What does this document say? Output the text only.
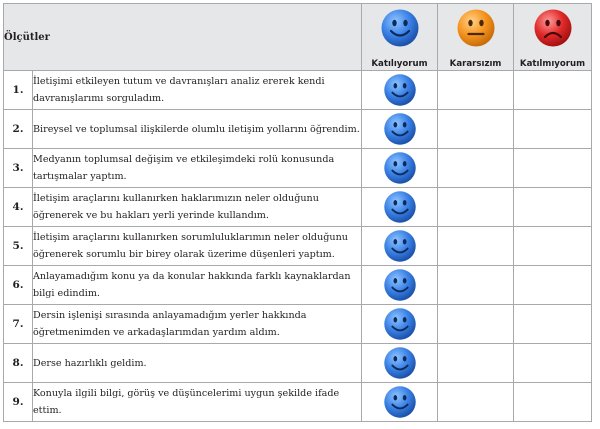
Ölçütler		Katılıyorum	Kararsızım	Katılmıyorum
1.	İletişimi etkileyen tutum ve davranışları analiz ererek kendi davranışlarımı sorguladım.	

2.	Bireysel ve toplumsal ilişkilerde olumlu iletişim yollarını öğrendim.	

3.	Medyanın toplumsal değişim ve etkileşimdeki rolü konusunda tartışmalar yaptım.	

4.	İletişim araçlarını kullanırken haklarımızın neler olduğunu öğrenerek ve bu hakları yerli yerinde kullandım.	

5.	İletişim araçlarını kullanırken sorumluluklarımın neler olduğunu öğrenerek sorumlu bir birey olarak üzerime düşenleri yaptım.	

6.	Anlayamadığım konu ya da konular hakkında farklı kaynaklardan bilgi edindim.	

7.	Dersin işlenişi sırasında anlayamadığım yerler hakkında öğretmenimden ve arkadaşlarımdan yardım aldım.	

8.	Derse hazırlıklı geldim.	

9.	Konuyla ilgili bilgi, görüş ve düşüncelerimi uygun şekilde ifade ettim.	
